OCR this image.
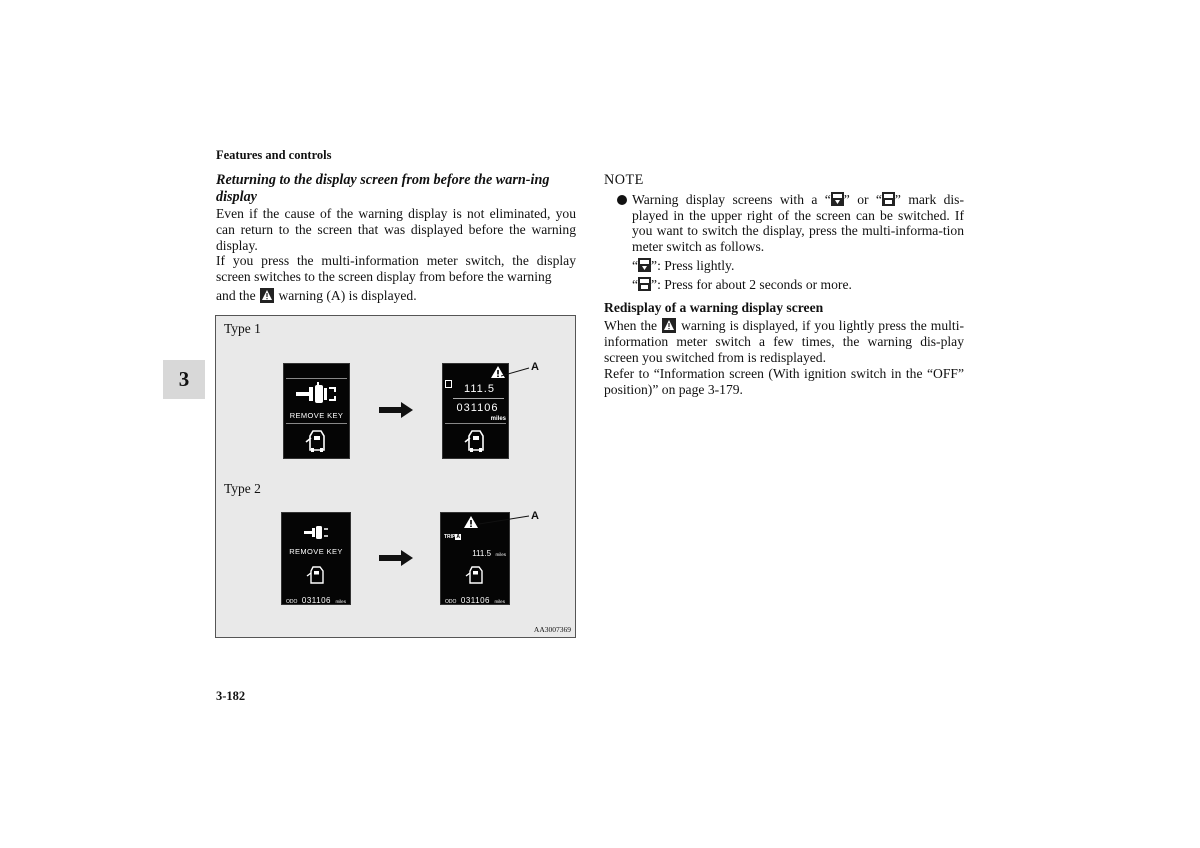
Features and controls
Returning to the display screen from before the warn-ing display

Even if the cause of the warning display is not eliminated, you can return to the screen that was displayed before the warning display.

If you press the multi-information meter switch, the display screen switches to the screen display from before the warning

and the warning (A) is displayed.

Type 1
Type 2
REMOVE KEY
111.5
031106
miles
A
REMOVE KEY
ODO 031106 miles
TRIPA
111.5 miles
ODO 031106 miles
A
AA3007369
3
NOTE

Warning display screens with a “ ” or “ ” mark dis-played in the upper right of the screen can be switched. If you want to switch the display, press the multi-informa-tion meter switch as follows.

“ ”: Press lightly.
“ ”: Press for about 2 seconds or more.
Redisplay of a warning display screen

When the warning is displayed, if you lightly press the multi-information meter switch a few times, the warning dis-play screen you switched from is redisplayed.

Refer to “Information screen (With ignition switch in the “OFF” position)” on page 3-179.

3-182
